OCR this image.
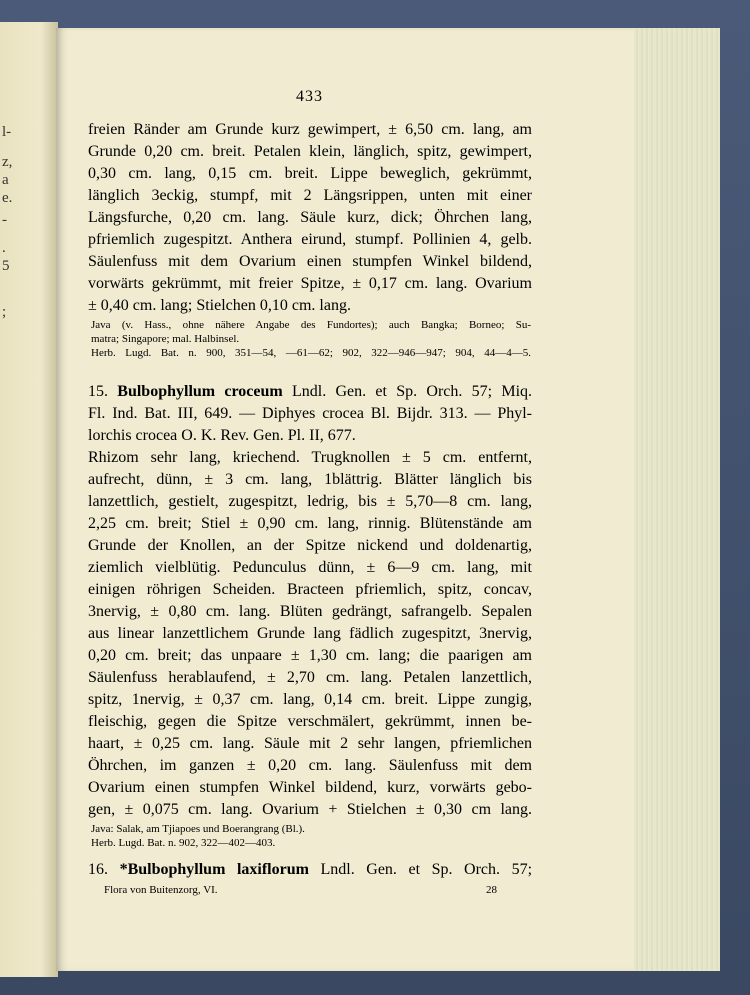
l-
z,
a
e.
-
.
5
;
433
freien Ränder am Grunde kurz gewimpert, ± 6,50 cm. lang, am
Grunde 0,20 cm. breit. Petalen klein, länglich, spitz, gewimpert,
0,30 cm. lang, 0,15 cm. breit. Lippe beweglich, gekrümmt,
länglich 3eckig, stumpf, mit 2 Längsrippen, unten mit einer
Längsfurche, 0,20 cm. lang. Säule kurz, dick; Öhrchen lang,
pfriemlich zugespitzt. Anthera eirund, stumpf. Pollinien 4, gelb.
Säulenfuss mit dem Ovarium einen stumpfen Winkel bildend,
vorwärts gekrümmt, mit freier Spitze, ± 0,17 cm. lang. Ovarium
± 0,40 cm. lang; Stielchen 0,10 cm. lang.
Java (v. Hass., ohne nähere Angabe des Fundortes); auch Bangka; Borneo; Su-
matra; Singapore; mal. Halbinsel.
Herb. Lugd. Bat. n. 900, 351—54, —61—62; 902, 322—946—947; 904, 44—4—5.
15. Bulbophyllum croceum Lndl. Gen. et Sp. Orch. 57; Miq.
Fl. Ind. Bat. III, 649. — Diphyes crocea Bl. Bijdr. 313. — Phyl-
lorchis crocea O. K. Rev. Gen. Pl. II, 677.
Rhizom sehr lang, kriechend. Trugknollen ± 5 cm. entfernt,
aufrecht, dünn, ± 3 cm. lang, 1blättrig. Blätter länglich bis
lanzettlich, gestielt, zugespitzt, ledrig, bis ± 5,70—8 cm. lang,
2,25 cm. breit; Stiel ± 0,90 cm. lang, rinnig. Blütenstände am
Grunde der Knollen, an der Spitze nickend und doldenartig,
ziemlich vielblütig. Pedunculus dünn, ± 6—9 cm. lang, mit
einigen röhrigen Scheiden. Bracteen pfriemlich, spitz, concav,
3nervig, ± 0,80 cm. lang. Blüten gedrängt, safrangelb. Sepalen
aus linear lanzettlichem Grunde lang fädlich zugespitzt, 3nervig,
0,20 cm. breit; das unpaare ± 1,30 cm. lang; die paarigen am
Säulenfuss herablaufend, ± 2,70 cm. lang. Petalen lanzettlich,
spitz, 1nervig, ± 0,37 cm. lang, 0,14 cm. breit. Lippe zungig,
fleischig, gegen die Spitze verschmälert, gekrümmt, innen be-
haart, ± 0,25 cm. lang. Säule mit 2 sehr langen, pfriemlichen
Öhrchen, im ganzen ± 0,20 cm. lang. Säulenfuss mit dem
Ovarium einen stumpfen Winkel bildend, kurz, vorwärts gebo-
gen, ± 0,075 cm. lang. Ovarium + Stielchen ± 0,30 cm lang.
Java: Salak, am Tjiapoes und Boerangrang (Bl.).
Herb. Lugd. Bat. n. 902, 322—402—403.
16. *Bulbophyllum laxiflorum Lndl. Gen. et Sp. Orch. 57;
Flora von Buitenzorg, VI.	28
